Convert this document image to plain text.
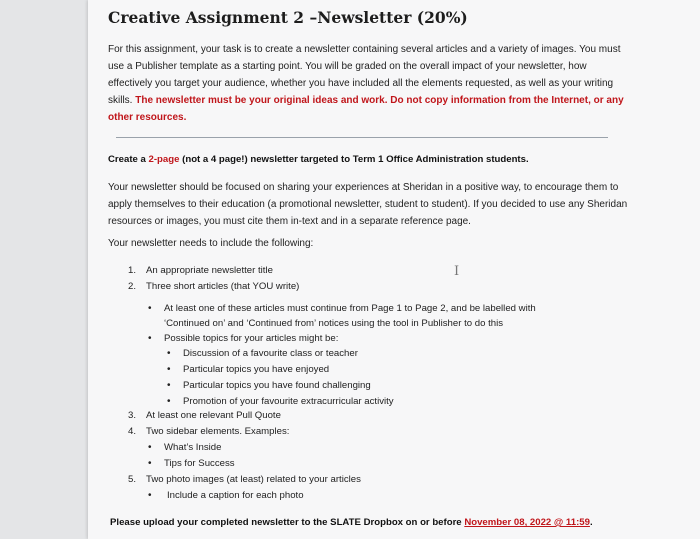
Creative Assignment 2 –Newsletter (20%)
For this assignment, your task is to create a newsletter containing several articles and a variety of images. You must use a Publisher template as a starting point. You will be graded on the overall impact of your newsletter, how effectively you target your audience, whether you have included all the elements requested, as well as your writing skills. The newsletter must be your original ideas and work. Do not copy information from the Internet, or any other resources.
Create a 2-page (not a 4 page!) newsletter targeted to Term 1 Office Administration students.
Your newsletter should be focused on sharing your experiences at Sheridan in a positive way, to encourage them to apply themselves to their education (a promotional newsletter, student to student). If you decided to use any Sheridan resources or images, you must cite them in-text and in a separate reference page.
Your newsletter needs to include the following:
1. An appropriate newsletter title
2. Three short articles (that YOU write)
• At least one of these articles must continue from Page 1 to Page 2, and be labelled with
‘Continued on’ and ‘Continued from’ notices using the tool in Publisher to do this
• Possible topics for your articles might be:
• Discussion of a favourite class or teacher
• Particular topics you have enjoyed
• Particular topics you have found challenging
• Promotion of your favourite extracurricular activity
3. At least one relevant Pull Quote
4. Two sidebar elements. Examples:
• What’s Inside
• Tips for Success
5. Two photo images (at least) related to your articles
• Include a caption for each photo
I
Please upload your completed newsletter to the SLATE Dropbox on or before November 08, 2022 @ 11:59.
